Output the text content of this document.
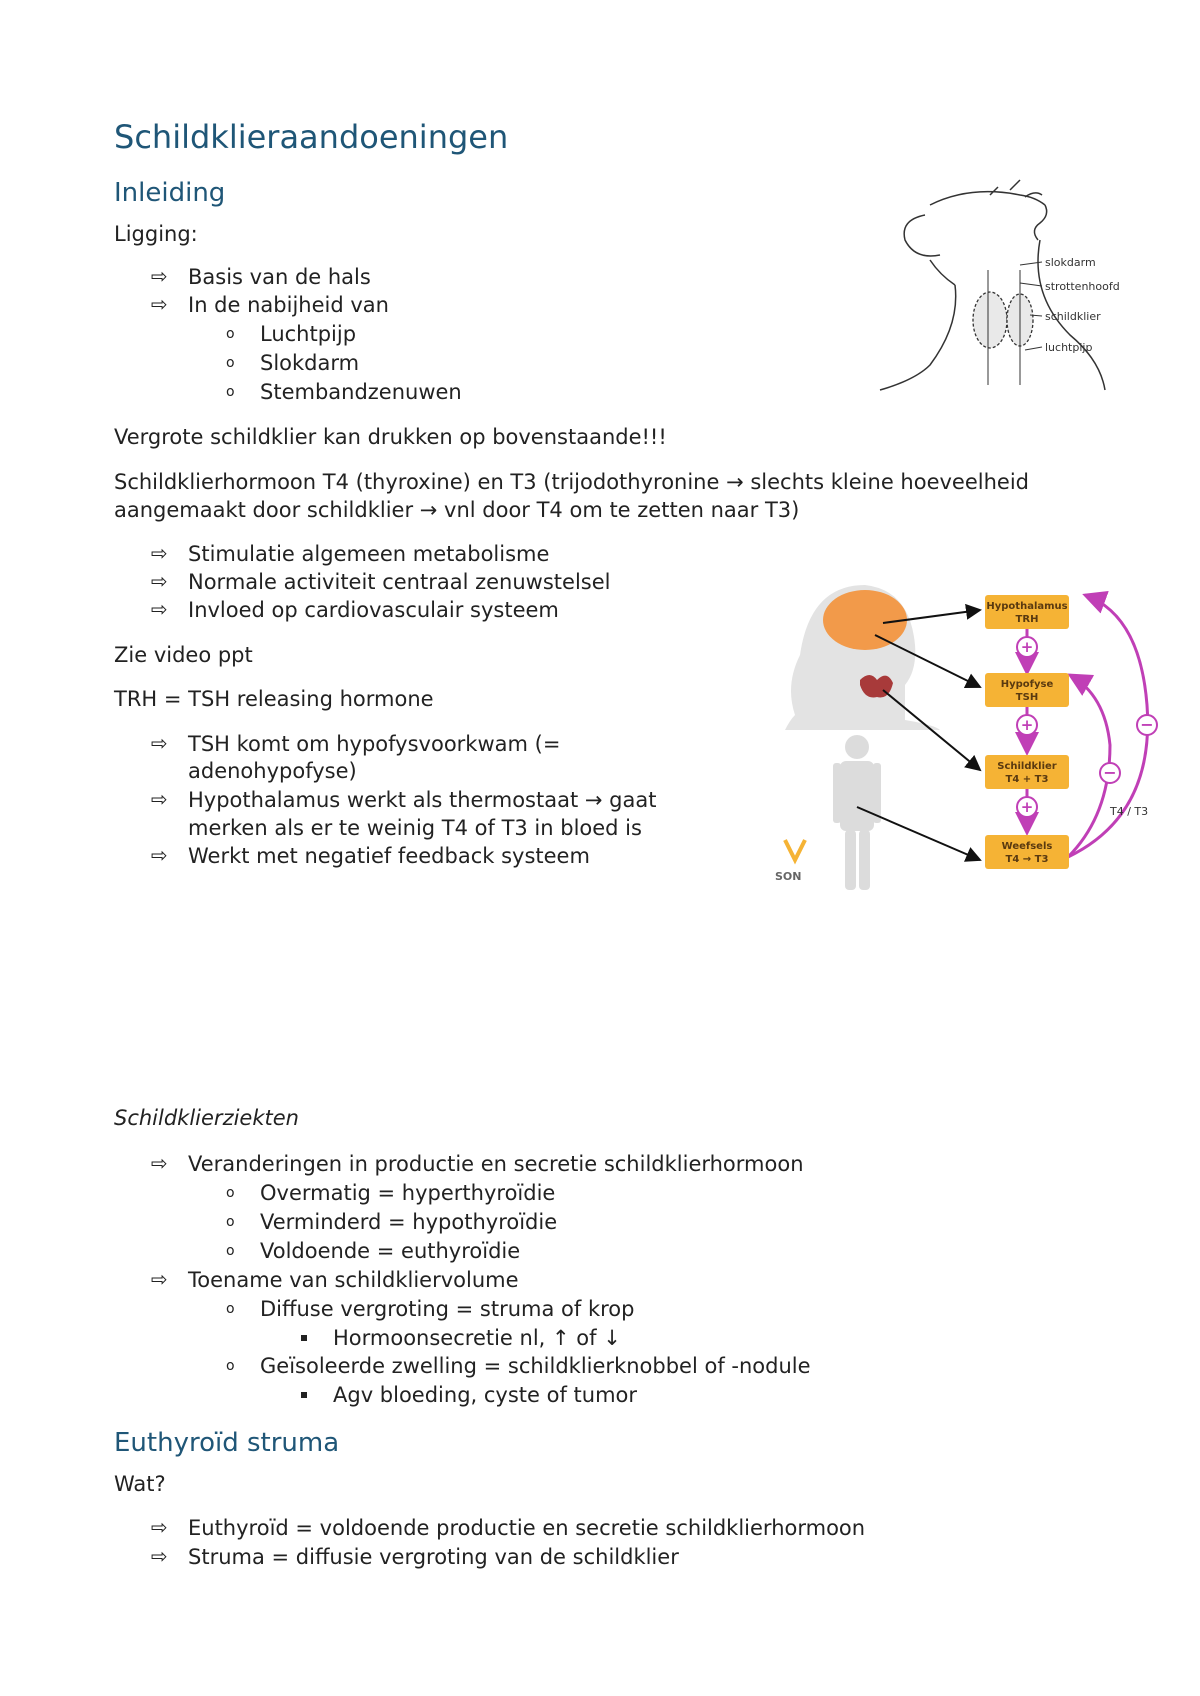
Schildklieraandoeningen
Inleiding
Ligging:
⇨ Basis van de hals
⇨ In de nabijheid van
o Luchtpijp
o Slokdarm
o Stembandzenuwen
slokdarm
strottenhoofd
schildklier
luchtpijp
Vergrote schildklier kan drukken op bovenstaande!!!
Schildklierhormoon T4 (thyroxine) en T3 (trijodothyronine → slechts kleine hoeveelheid
aangemaakt door schildklier → vnl door T4 om te zetten naar T3)
⇨ Stimulatie algemeen metabolisme
⇨ Normale activiteit centraal zenuwstelsel
⇨ Invloed op cardiovasculair systeem
Zie video ppt
TRH = TSH releasing hormone
⇨ TSH komt om hypofysvoorkwam (=
adenohypofyse)
⇨ Hypothalamus werkt als thermostaat → gaat
merken als er te weinig T4 of T3 in bloed is
⇨ Werkt met negatief feedback systeem
SON
+
+
+
−
−
T4 / T3
Hypothalamus
TRH
Hypofyse
TSH
Schildklier
T4 + T3
Weefsels
T4 → T3
Schildklierziekten
⇨ Veranderingen in productie en secretie schildklierhormoon
o Overmatig = hyperthyroïdie
o Verminderd = hypothyroïdie
o Voldoende = euthyroïdie
⇨ Toename van schildkliervolume
o Diffuse vergroting = struma of krop
Hormoonsecretie nl, ↑ of ↓
o Geïsoleerde zwelling = schildklierknobbel of -nodule
Agv bloeding, cyste of tumor
Euthyroïd struma
Wat?
⇨ Euthyroïd = voldoende productie en secretie schildklierhormoon
⇨ Struma = diffusie vergroting van de schildklier
